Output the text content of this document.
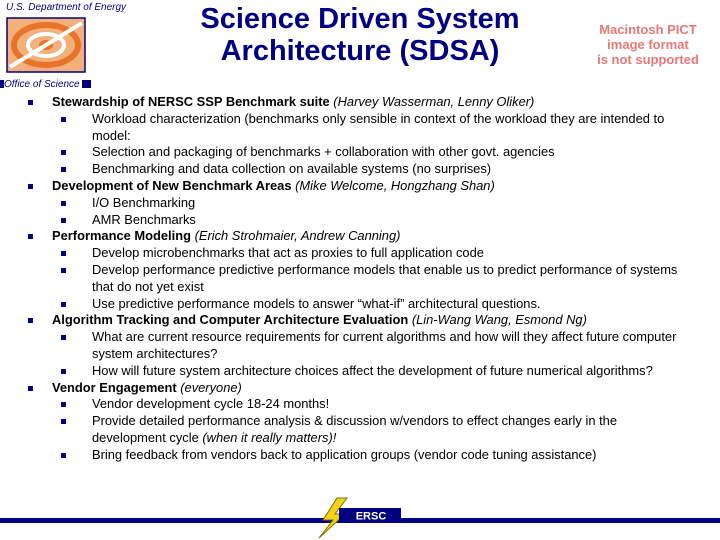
U.S. Department of Energy
Office of Science
Science Driven System
Architecture (SDSA)
Macintosh PICT
image format
is not supported
Stewardship of NERSC SSP Benchmark suite (Harvey Wasserman, Lenny Oliker)
Workload characterization (benchmarks only sensible in context of the workload they are intended to model:
Selection and packaging of benchmarks + collaboration with other govt. agencies
Benchmarking and data collection on available systems (no surprises)
Development of New Benchmark Areas (Mike Welcome, Hongzhang Shan)
I/O Benchmarking
AMR Benchmarks
Performance Modeling (Erich Strohmaier, Andrew Canning)
Develop microbenchmarks that act as proxies to full application code
Develop performance predictive performance models that enable us to predict performance of systems that do not yet exist
Use predictive performance models to answer “what-if” architectural questions.
Algorithm Tracking and Computer Architecture Evaluation (Lin-Wang Wang, Esmond Ng)
What are current resource requirements for current algorithms and how will they affect future computer system architectures?
How will future system architecture choices affect the development of future numerical algorithms?
Vendor Engagement (everyone)
Vendor development cycle 18-24 months!
Provide detailed performance analysis & discussion w/vendors to effect changes early in the development cycle (when it really matters)!
Bring feedback from vendors back to application groups (vendor code tuning assistance)
ERSC
